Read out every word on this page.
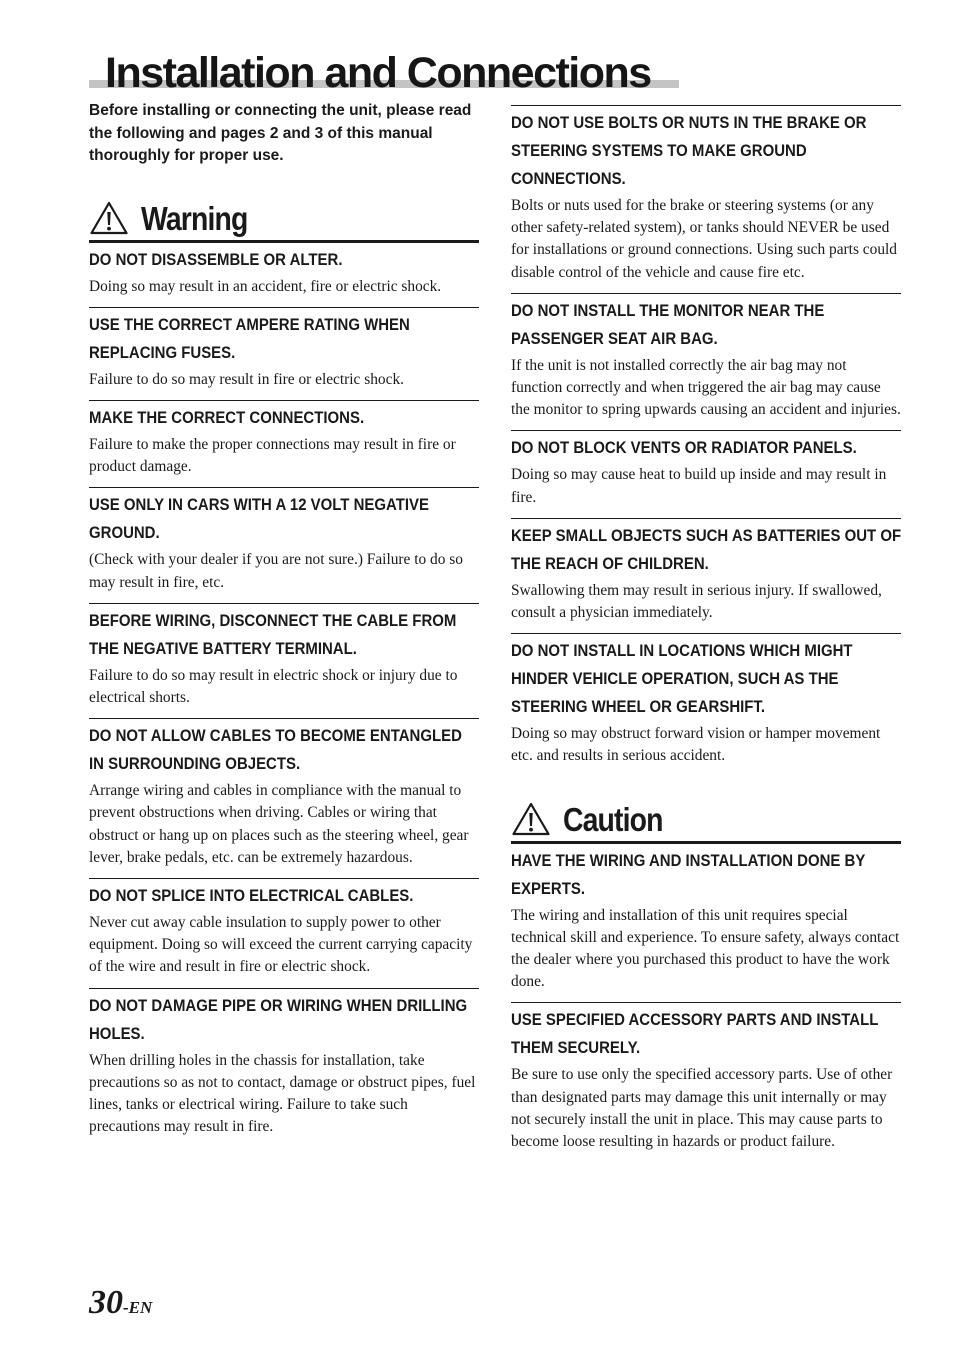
Installation and Connections

Before installing or connecting the unit, please read the following and pages 2 and 3 of this manual thoroughly for proper use.

Warning

DO NOT DISASSEMBLE OR ALTER.

Doing so may result in an accident, fire or electric shock.

USE THE CORRECT AMPERE RATING WHEN REPLACING FUSES.

Failure to do so may result in fire or electric shock.

MAKE THE CORRECT CONNECTIONS.

Failure to make the proper connections may result in fire or product damage.

USE ONLY IN CARS WITH A 12 VOLT NEGATIVE GROUND.

(Check with your dealer if you are not sure.) Failure to do so may result in fire, etc.

BEFORE WIRING, DISCONNECT THE CABLE FROM THE NEGATIVE BATTERY TERMINAL.

Failure to do so may result in electric shock or injury due to electrical shorts.

DO NOT ALLOW CABLES TO BECOME ENTANGLED IN SURROUNDING OBJECTS.

Arrange wiring and cables in compliance with the manual to prevent obstructions when driving. Cables or wiring that obstruct or hang up on places such as the steering wheel, gear lever, brake pedals, etc. can be extremely hazardous.

DO NOT SPLICE INTO ELECTRICAL CABLES.

Never cut away cable insulation to supply power to other equipment. Doing so will exceed the current carrying capacity of the wire and result in fire or electric shock.

DO NOT DAMAGE PIPE OR WIRING WHEN DRILLING HOLES.

When drilling holes in the chassis for installation, take precautions so as not to contact, damage or obstruct pipes, fuel lines, tanks or electrical wiring. Failure to take such precautions may result in fire.

DO NOT USE BOLTS OR NUTS IN THE BRAKE OR STEERING SYSTEMS TO MAKE GROUND CONNECTIONS.

Bolts or nuts used for the brake or steering systems (or any other safety-related system), or tanks should NEVER be used for installations or ground connections. Using such parts could disable control of the vehicle and cause fire etc.

DO NOT INSTALL THE MONITOR NEAR THE PASSENGER SEAT AIR BAG.

If the unit is not installed correctly the air bag may not function correctly and when triggered the air bag may cause the monitor to spring upwards causing an accident and injuries.

DO NOT BLOCK VENTS OR RADIATOR PANELS.

Doing so may cause heat to build up inside and may result in fire.

KEEP SMALL OBJECTS SUCH AS BATTERIES OUT OF THE REACH OF CHILDREN.

Swallowing them may result in serious injury. If swallowed, consult a physician immediately.

DO NOT INSTALL IN LOCATIONS WHICH MIGHT HINDER VEHICLE OPERATION, SUCH AS THE STEERING WHEEL OR GEARSHIFT.

Doing so may obstruct forward vision or hamper movement etc. and results in serious accident.

Caution

HAVE THE WIRING AND INSTALLATION DONE BY EXPERTS.

The wiring and installation of this unit requires special technical skill and experience. To ensure safety, always contact the dealer where you purchased this product to have the work done.

USE SPECIFIED ACCESSORY PARTS AND INSTALL THEM SECURELY.

Be sure to use only the specified accessory parts. Use of other than designated parts may damage this unit internally or may not securely install the unit in place. This may cause parts to become loose resulting in hazards or product failure.

30-EN
